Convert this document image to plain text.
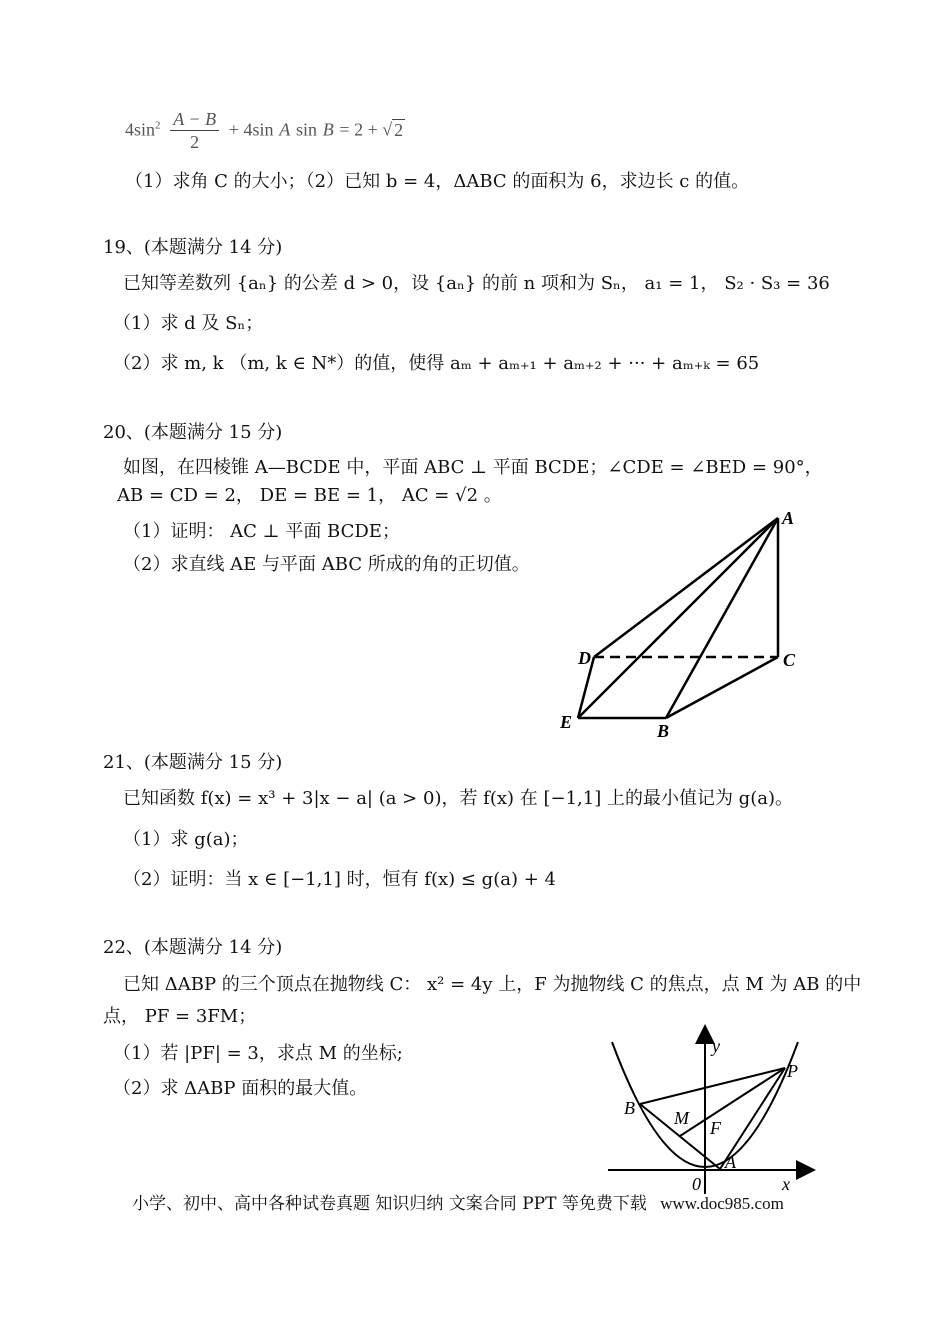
$4\sin^2 \frac{A - B}{2} + 4\sin$ A sin B = 2 + √ 2
（1）求角 C 的大小；（2）已知 b = 4，ΔABC 的面积为 6，求边长 c 的值。
19、(本题满分 14 分)
已知等差数列 {aₙ} 的公差 d > 0，设 {aₙ} 的前 n 项和为 Sₙ， a₁ = 1， S₂ · S₃ = 36
（1）求 d 及 Sₙ；
（2）求 m, k （m, k ∈ N*）的值，使得 aₘ + aₘ₊₁ + aₘ₊₂ + ··· + aₘ₊ₖ = 65
20、(本题满分 15 分)
如图，在四棱锥 A—BCDE 中，平面 ABC ⊥ 平面 BCDE；∠CDE = ∠BED = 90°，
AB = CD = 2， DE = BE = 1， AC = √2 。
（1）证明： AC ⊥ 平面 BCDE；
（2）求直线 AE 与平面 ABC 所成的角的正切值。
A
C
D
E	B
21、(本题满分 15 分)
已知函数 f(x) = x³ + 3|x − a| (a > 0)，若 f(x) 在 [−1,1] 上的最小值记为 g(a)。
（1）求 g(a)；
（2）证明：当 x ∈ [−1,1] 时，恒有 f(x) ≤ g(a) + 4
22、(本题满分 14 分)
已知 ΔABP 的三个顶点在抛物线 C： x² = 4y 上，F 为抛物线 C 的焦点，点 M 为 AB 的中
点， PF = 3FM；
（1）若 |PF| = 3，求点 M 的坐标;
（2）求 ΔABP 面积的最大值。
y
x
0
P
B M F
A
小学、初中、高中各种试卷真题 知识归纳 文案合同 PPT 等免费下载 www.doc985.com
